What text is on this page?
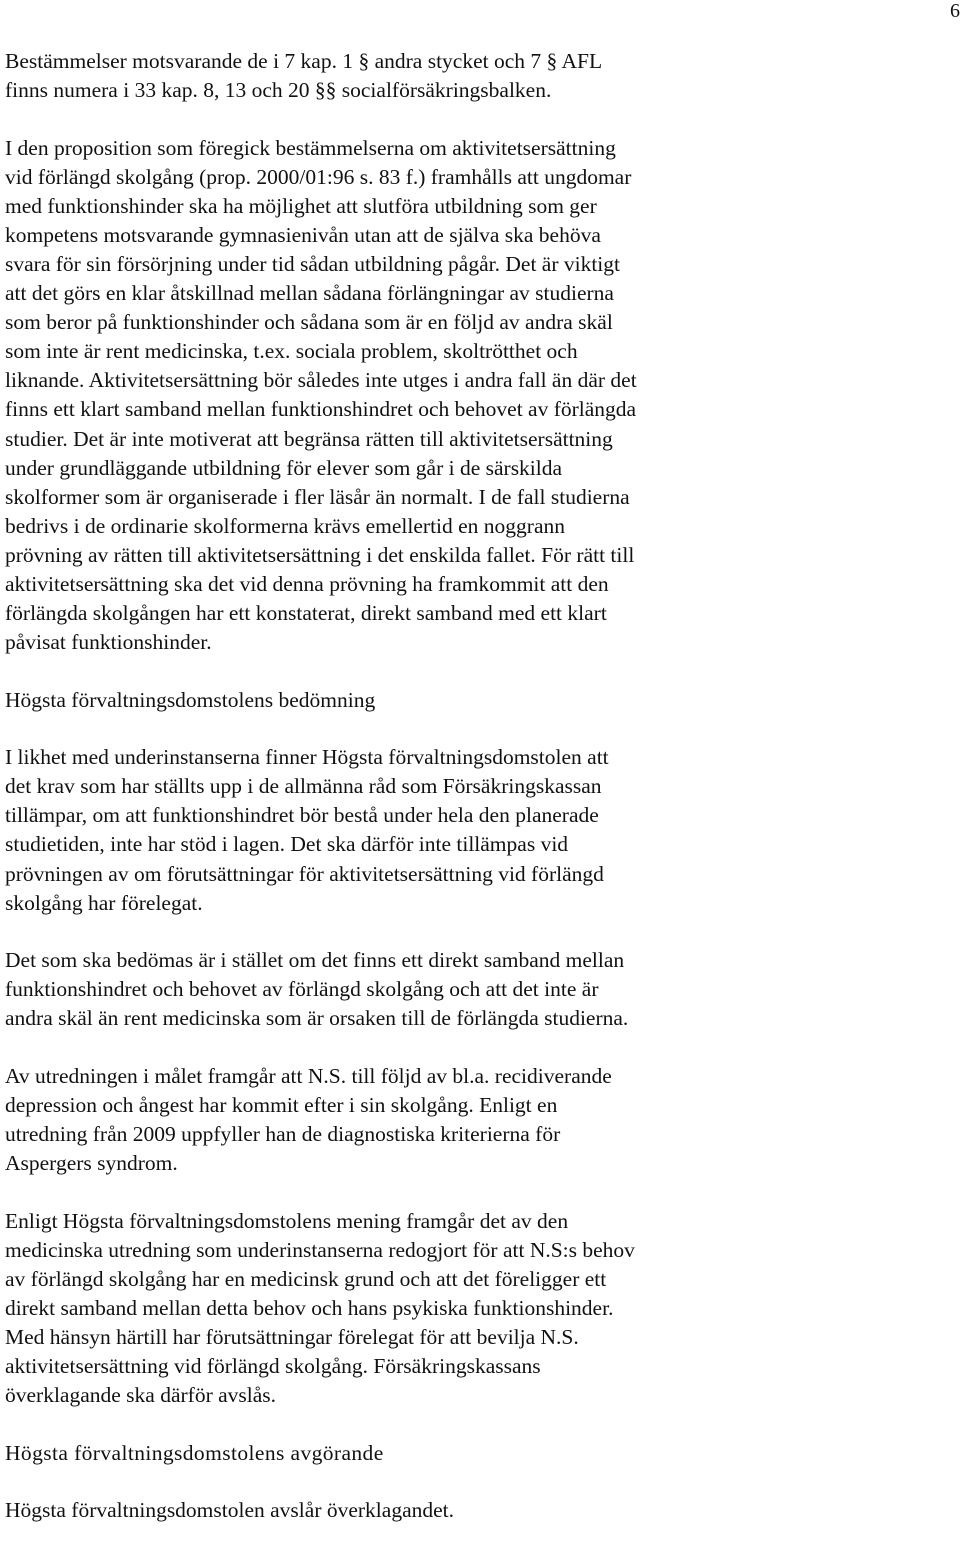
6
Bestämmelser motsvarande de i 7 kap. 1 § andra stycket och 7 § AFL
finns numera i 33 kap. 8, 13 och 20 §§ socialförsäkringsbalken.
I den proposition som föregick bestämmelserna om aktivitetsersättning
vid förlängd skolgång (prop. 2000/01:96 s. 83 f.) framhålls att ungdomar
med funktionshinder ska ha möjlighet att slutföra utbildning som ger
kompetens motsvarande gymnasienivån utan att de själva ska behöva
svara för sin försörjning under tid sådan utbildning pågår. Det är viktigt
att det görs en klar åtskillnad mellan sådana förlängningar av studierna
som beror på funktionshinder och sådana som är en följd av andra skäl
som inte är rent medicinska, t.ex. sociala problem, skoltrötthet och
liknande. Aktivitetsersättning bör således inte utges i andra fall än där det
finns ett klart samband mellan funktionshindret och behovet av förlängda
studier. Det är inte motiverat att begränsa rätten till aktivitetsersättning
under grundläggande utbildning för elever som går i de särskilda
skolformer som är organiserade i fler läsår än normalt. I de fall studierna
bedrivs i de ordinarie skolformerna krävs emellertid en noggrann
prövning av rätten till aktivitetsersättning i det enskilda fallet. För rätt till
aktivitetsersättning ska det vid denna prövning ha framkommit att den
förlängda skolgången har ett konstaterat, direkt samband med ett klart
påvisat funktionshinder.
Högsta förvaltningsdomstolens bedömning
I likhet med underinstanserna finner Högsta förvaltningsdomstolen att
det krav som har ställts upp i de allmänna råd som Försäkringskassan
tillämpar, om att funktionshindret bör bestå under hela den planerade
studietiden, inte har stöd i lagen. Det ska därför inte tillämpas vid
prövningen av om förutsättningar för aktivitetsersättning vid förlängd
skolgång har förelegat.
Det som ska bedömas är i stället om det finns ett direkt samband mellan
funktionshindret och behovet av förlängd skolgång och att det inte är
andra skäl än rent medicinska som är orsaken till de förlängda studierna.
Av utredningen i målet framgår att N.S. till följd av bl.a. recidiverande
depression och ångest har kommit efter i sin skolgång. Enligt en
utredning från 2009 uppfyller han de diagnostiska kriterierna för
Aspergers syndrom.
Enligt Högsta förvaltningsdomstolens mening framgår det av den
medicinska utredning som underinstanserna redogjort för att N.S:s behov
av förlängd skolgång har en medicinsk grund och att det föreligger ett
direkt samband mellan detta behov och hans psykiska funktionshinder.
Med hänsyn härtill har förutsättningar förelegat för att bevilja N.S.
aktivitetsersättning vid förlängd skolgång. Försäkringskassans
överklagande ska därför avslås.
Högsta förvaltningsdomstolens avgörande
Högsta förvaltningsdomstolen avslår överklagandet.
